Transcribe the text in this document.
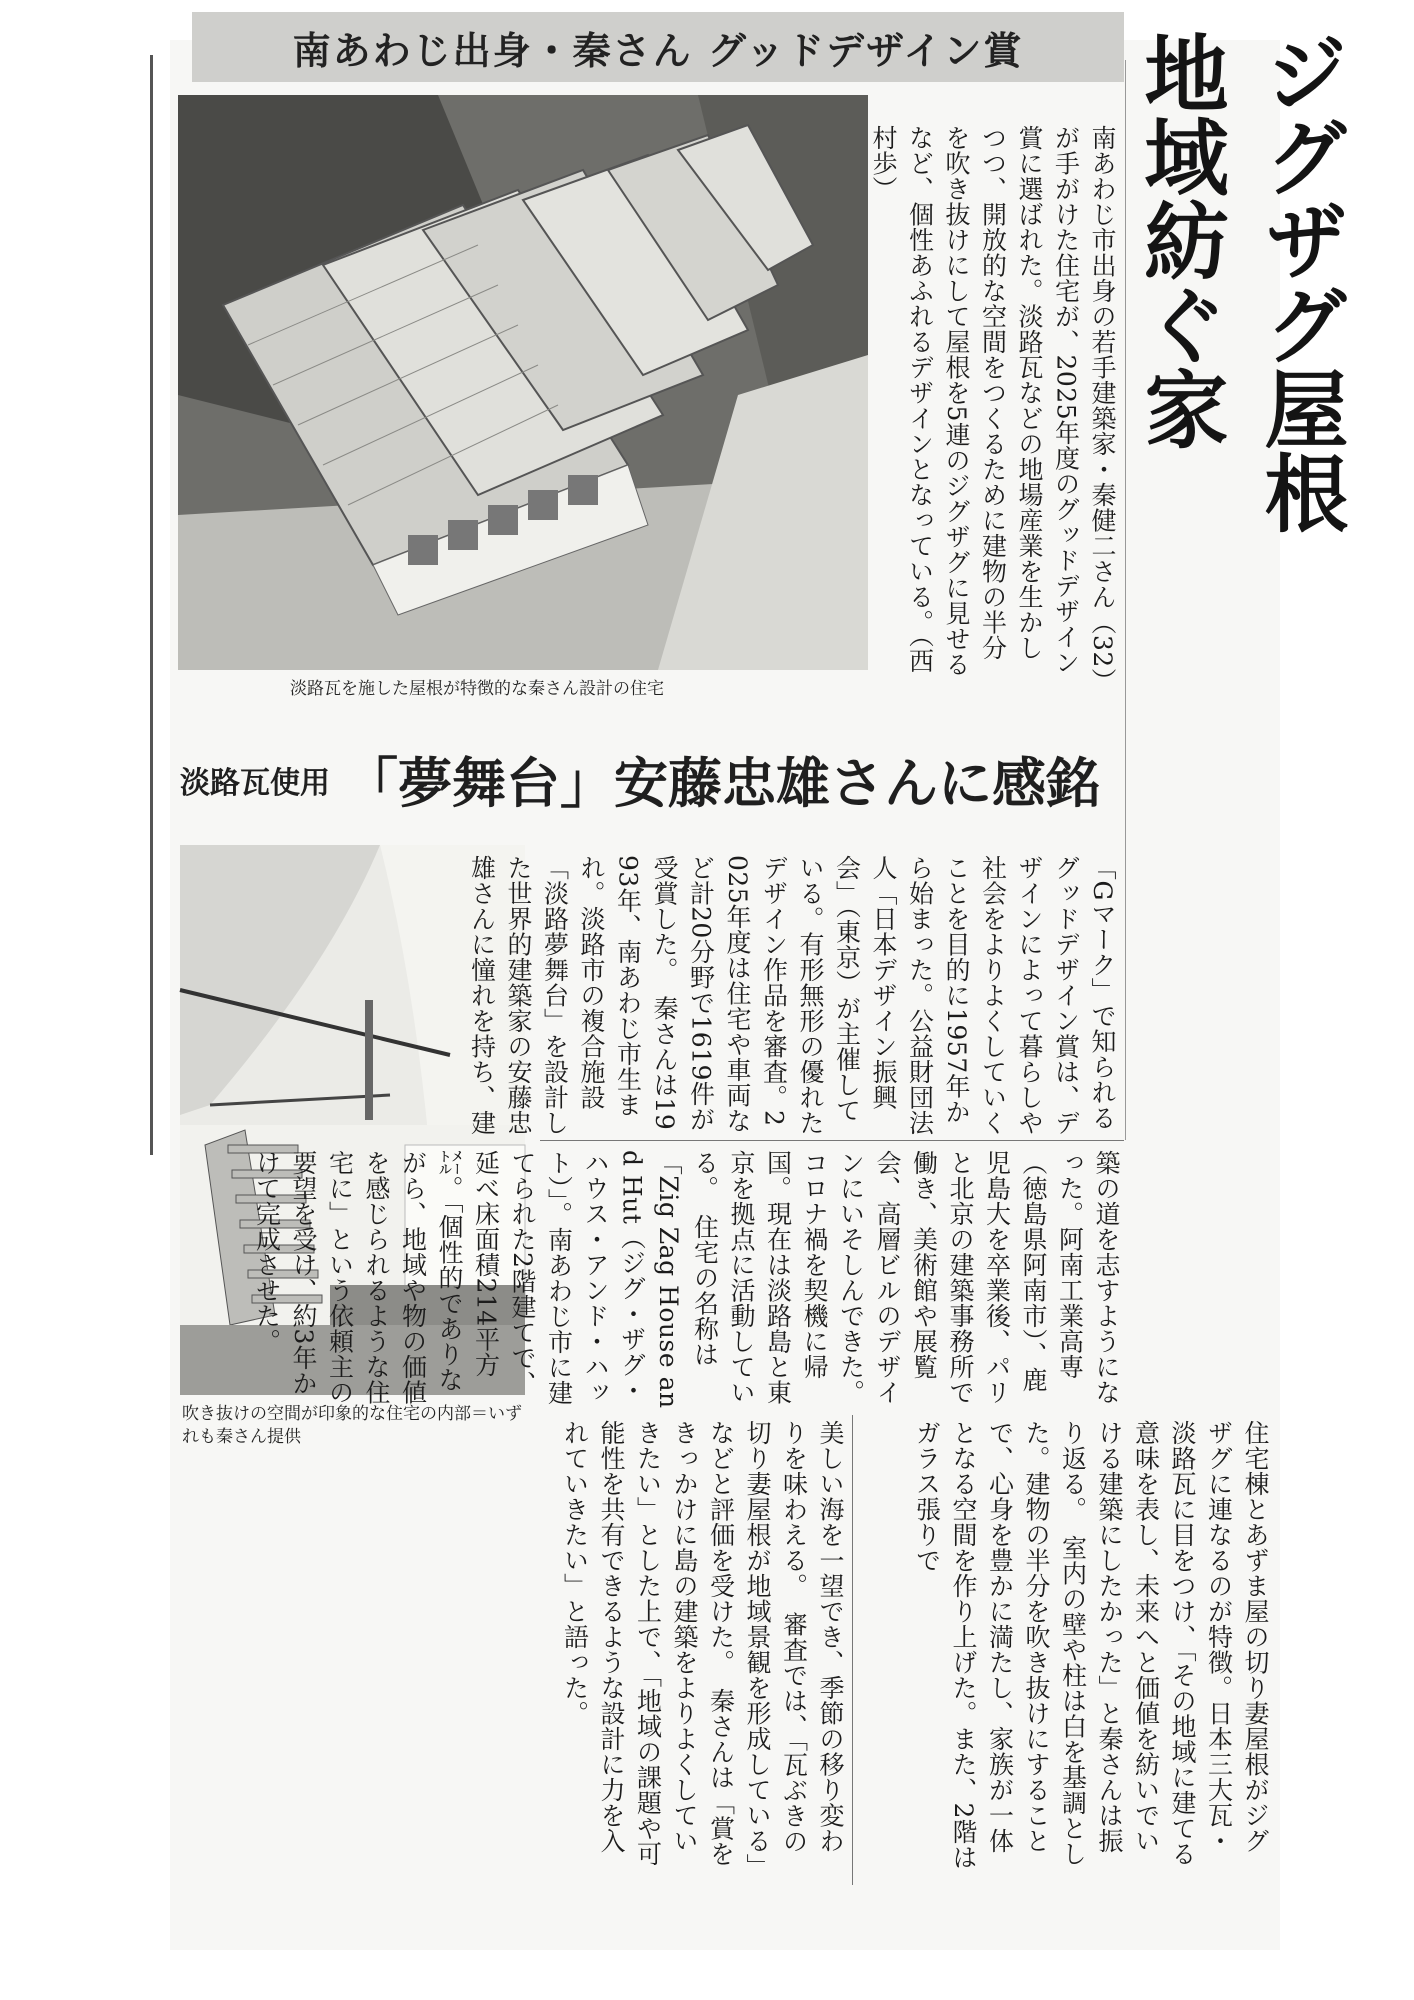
南あわじ出身・秦さん グッドデザイン賞	ジグザグ屋根
地域紡ぐ家
南あわじ市出身の若手建築家・秦健二さん（32）が手がけた住宅が、2025年度のグッドデザイン賞に選ばれた。淡路瓦などの地場産業を生かしつつ、開放的な空間をつくるために建物の半分を吹き抜けにして屋根を5連のジグザグに見せるなど、個性あふれるデザインとなっている。（西村歩）
淡路瓦を施した屋根が特徴的な秦さん設計の住宅
淡路瓦使用 「夢舞台」安藤忠雄さんに感銘
吹き抜けの空間が印象的な住宅の内部＝いずれも秦さん提供
「Gマーク」で知られるグッドデザイン賞は、デザインによって暮らしや社会をよりよくしていくことを目的に1957年から始まった。公益財団法人「日本デザイン振興会」（東京）が主催している。有形無形の優れたデザイン作品を審査。2025年度は住宅や車両など計20分野で1619件が受賞した。　秦さんは1993年、南あわじ市生まれ。淡路市の複合施設「淡路夢舞台」を設計した世界的建築家の安藤忠雄さんに憧れを持ち、建
築の道を志すようになった。阿南工業高専（徳島県阿南市）、鹿児島大を卒業後、パリと北京の建築事務所で働き、美術館や展覧会、高層ビルのデザインにいそしんできた。コロナ禍を契機に帰国。現在は淡路島と東京を拠点に活動している。　住宅の名称は「Zig Zag House and Hut（ジグ・ザグ・ハウス・アンド・ハット）」。南あわじ市に建てられた2階建てで、延べ床面積214平方㍍。「個性的でありながら、地域や物の価値を感じられるような住宅に」という依頼主の要望を受け、約3年かけて完成させた。
住宅棟とあずま屋の切り妻屋根がジグザグに連なるのが特徴。日本三大瓦・淡路瓦に目をつけ、「その地域に建てる意味を表し、未来へと価値を紡いでいける建築にしたかった」と秦さんは振り返る。　室内の壁や柱は白を基調とした。建物の半分を吹き抜けにすることで、心身を豊かに満たし、家族が一体となる空間を作り上げた。また、2階はガラス張りで
美しい海を一望でき、季節の移り変わりを味わえる。　審査では、「瓦ぶきの切り妻屋根が地域景観を形成している」などと評価を受けた。　秦さんは「賞をきっかけに島の建築をよりよくしていきたい」とした上で、「地域の課題や可能性を共有できるような設計に力を入れていきたい」と語った。
